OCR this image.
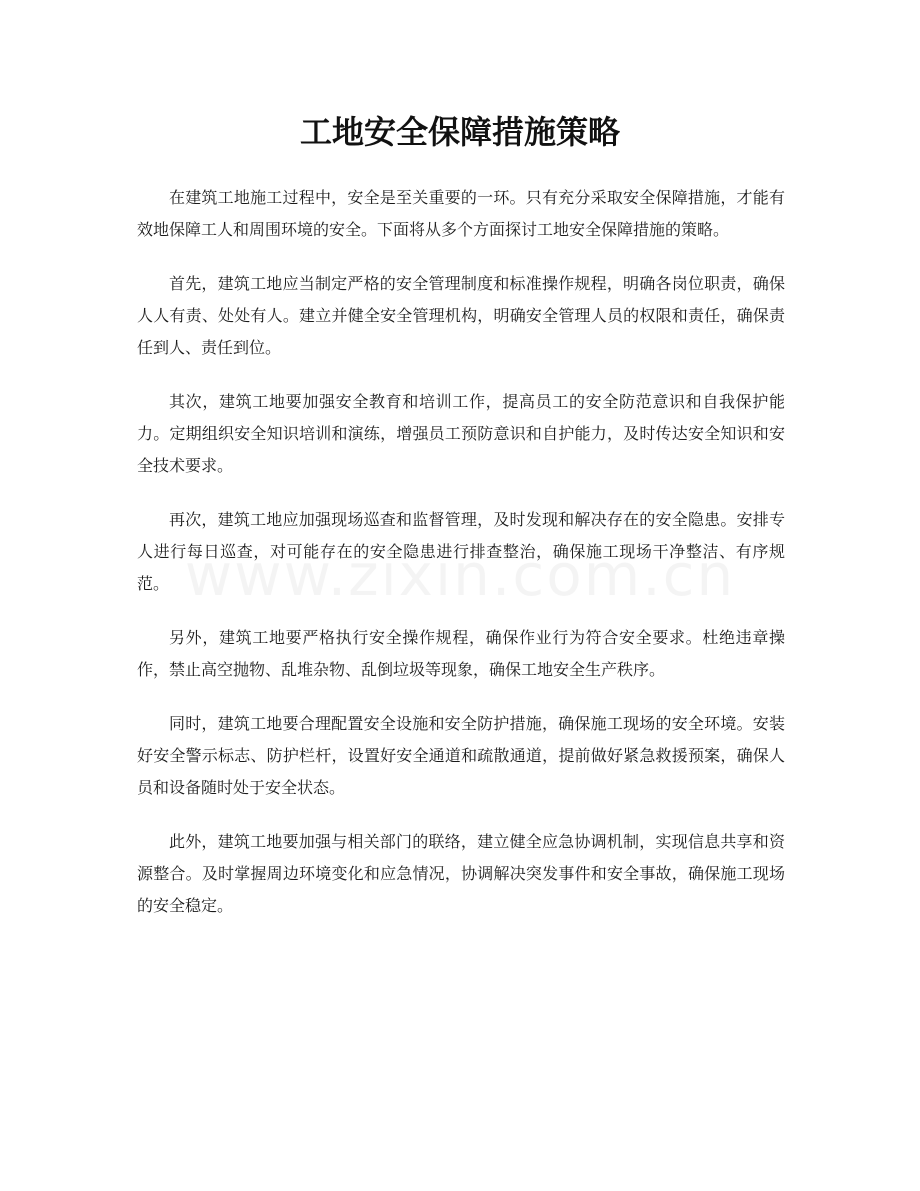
工地安全保障措施策略

在建筑工地施工过程中，安全是至关重要的一环。只有充分采取安全保障措施，才能有效地保障工人和周围环境的安全。下面将从多个方面探讨工地安全保障措施的策略。

首先，建筑工地应当制定严格的安全管理制度和标准操作规程，明确各岗位职责，确保人人有责、处处有人。建立并健全安全管理机构，明确安全管理人员的权限和责任，确保责任到人、责任到位。

其次，建筑工地要加强安全教育和培训工作，提高员工的安全防范意识和自我保护能力。定期组织安全知识培训和演练，增强员工预防意识和自护能力，及时传达安全知识和安全技术要求。

再次，建筑工地应加强现场巡查和监督管理，及时发现和解决存在的安全隐患。安排专人进行每日巡查，对可能存在的安全隐患进行排查整治，确保施工现场干净整洁、有序规范。

另外，建筑工地要严格执行安全操作规程，确保作业行为符合安全要求。杜绝违章操作，禁止高空抛物、乱堆杂物、乱倒垃圾等现象，确保工地安全生产秩序。

同时，建筑工地要合理配置安全设施和安全防护措施，确保施工现场的安全环境。安装好安全警示标志、防护栏杆，设置好安全通道和疏散通道，提前做好紧急救援预案，确保人员和设备随时处于安全状态。

此外，建筑工地要加强与相关部门的联络，建立健全应急协调机制，实现信息共享和资源整合。及时掌握周边环境变化和应急情况，协调解决突发事件和安全事故，确保施工现场的安全稳定。
